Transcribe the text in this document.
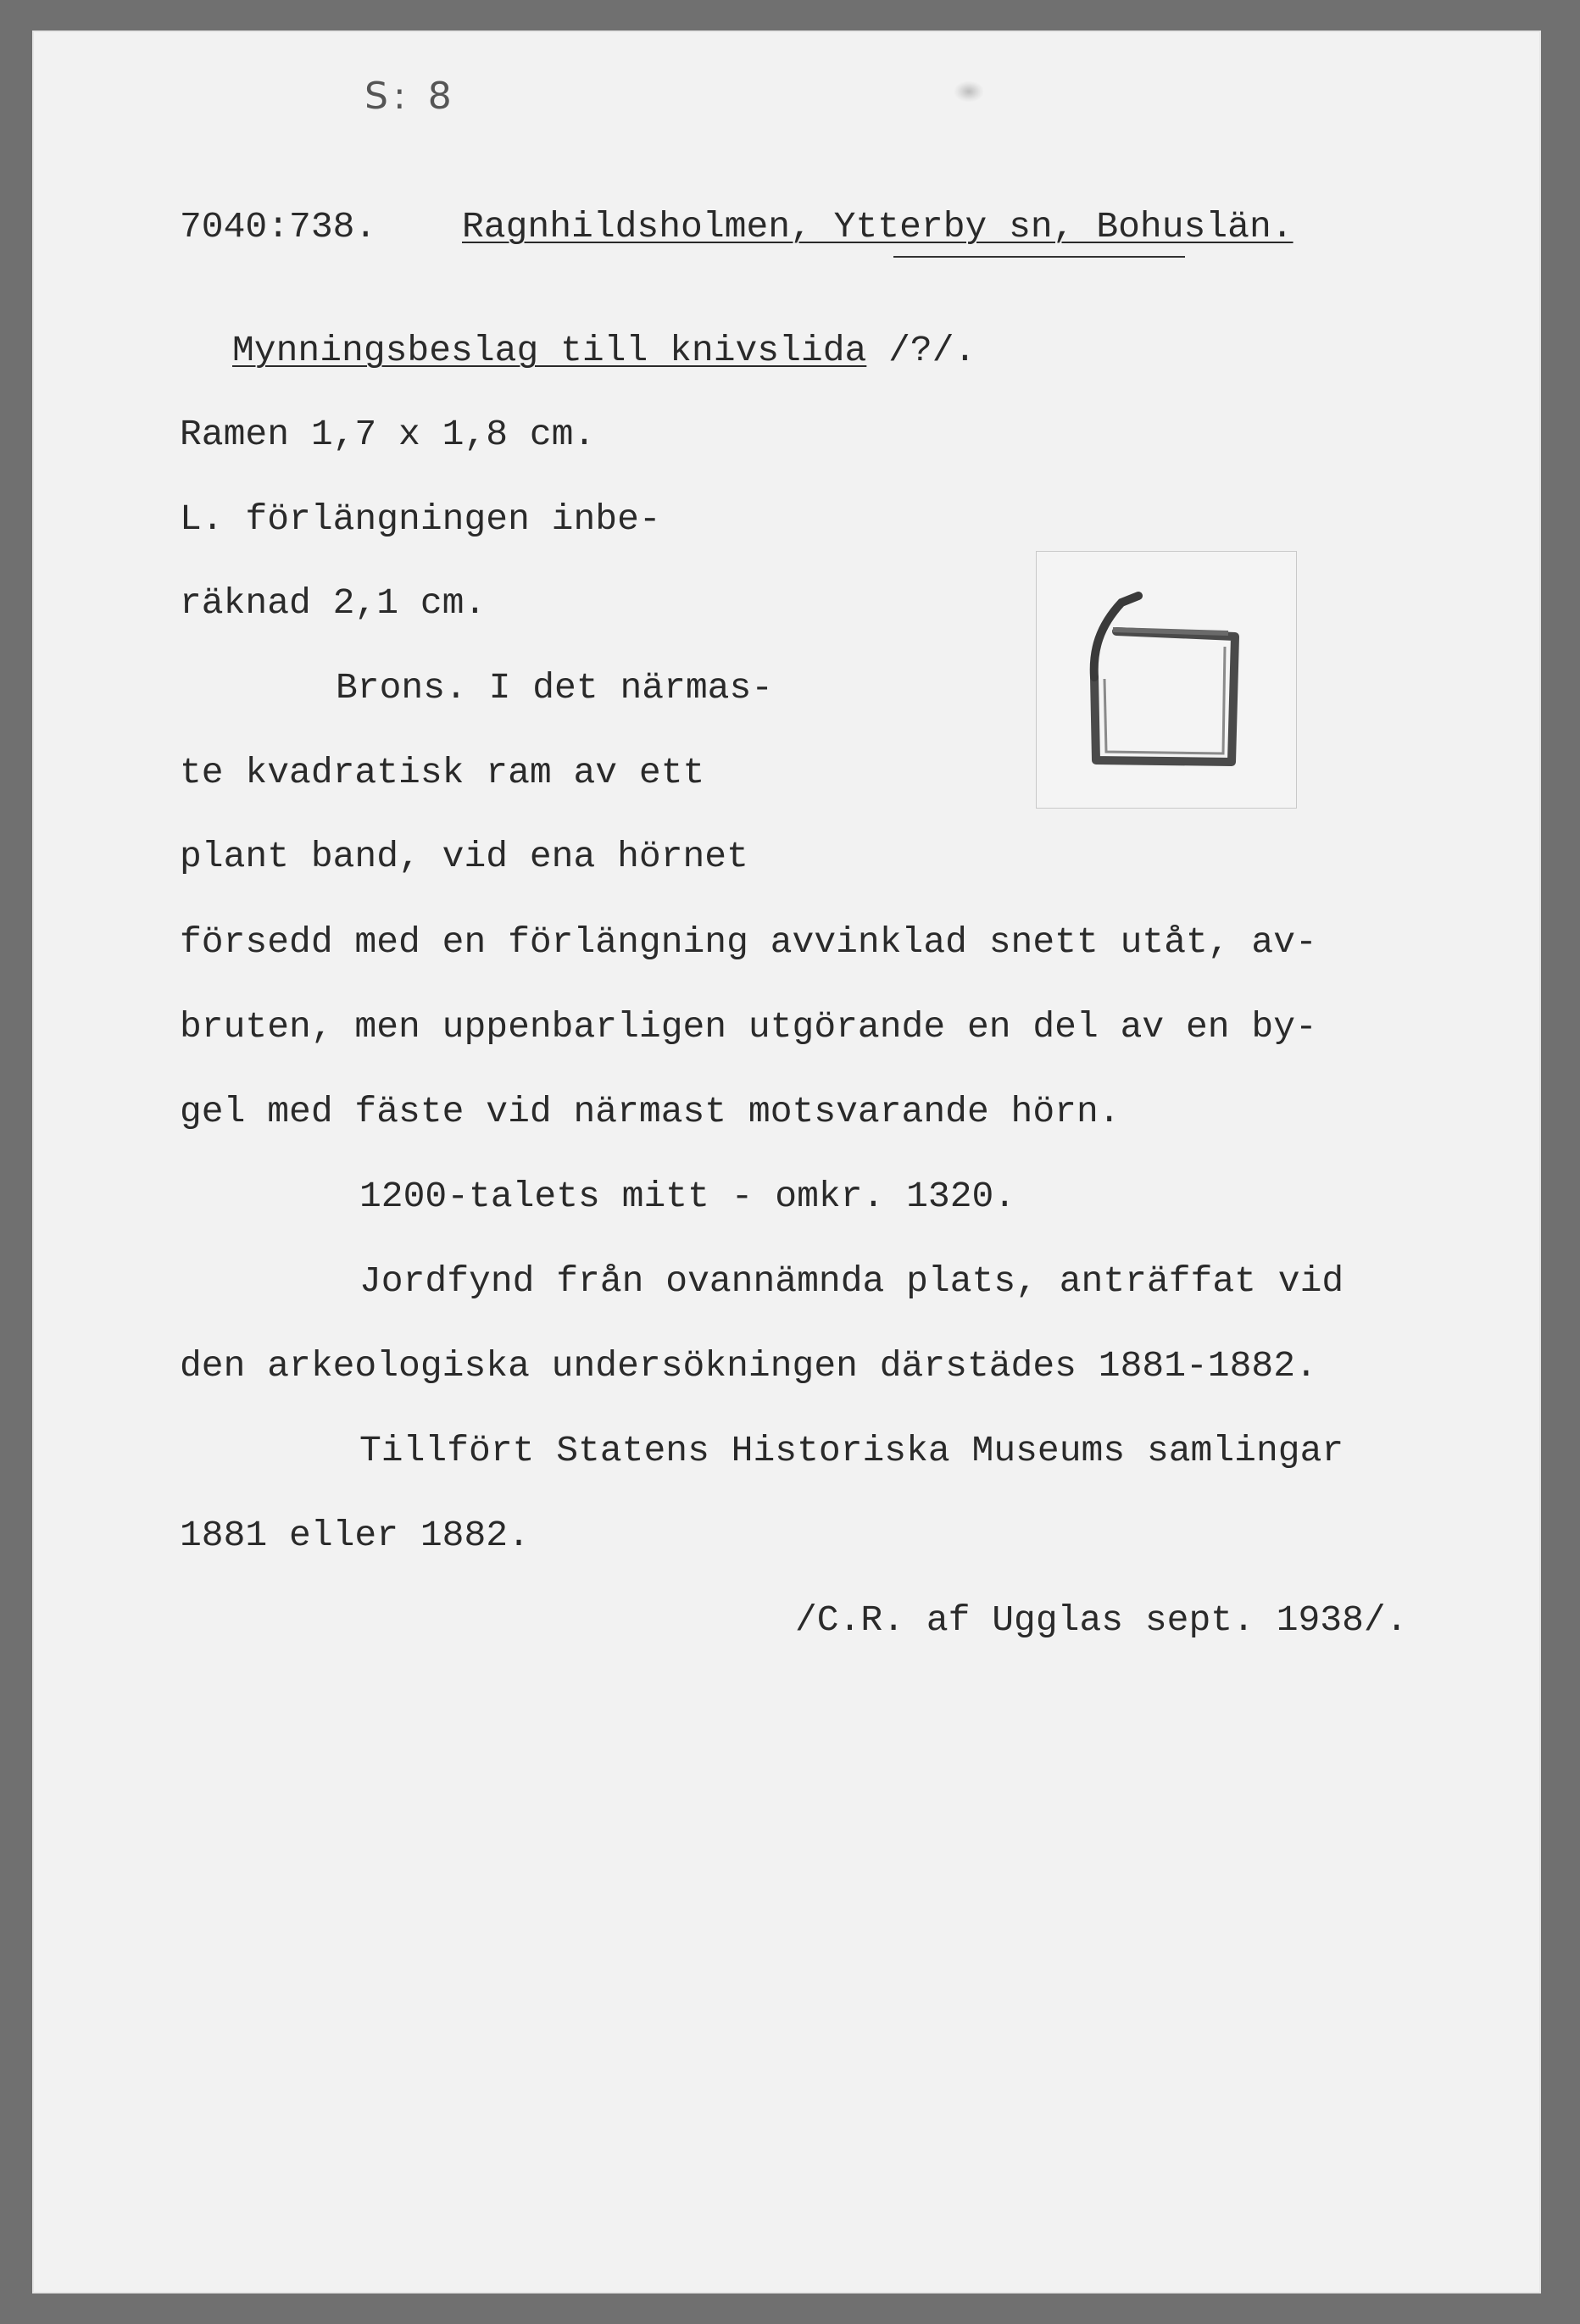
S: 8
7040:738. Ragnhildsholmen, Ytterby sn, Bohuslän.
Mynningsbeslag till knivslida /?/.
Ramen 1,7 x 1,8 cm.
L. förlängningen inbe-
räknad 2,1 cm.
Brons. I det närmas-
te kvadratisk ram av ett
plant band, vid ena hörnet
försedd med en förlängning avvinklad snett utåt, av-
bruten, men uppenbarligen utgörande en del av en by-
gel med fäste vid närmast motsvarande hörn.
1200-talets mitt - omkr. 1320.
Jordfynd från ovannämnda plats, anträffat vid
den arkeologiska undersökningen därstädes 1881-1882.
Tillfört Statens Historiska Museums samlingar
1881 eller 1882.
/C.R. af Ugglas sept. 1938/.
